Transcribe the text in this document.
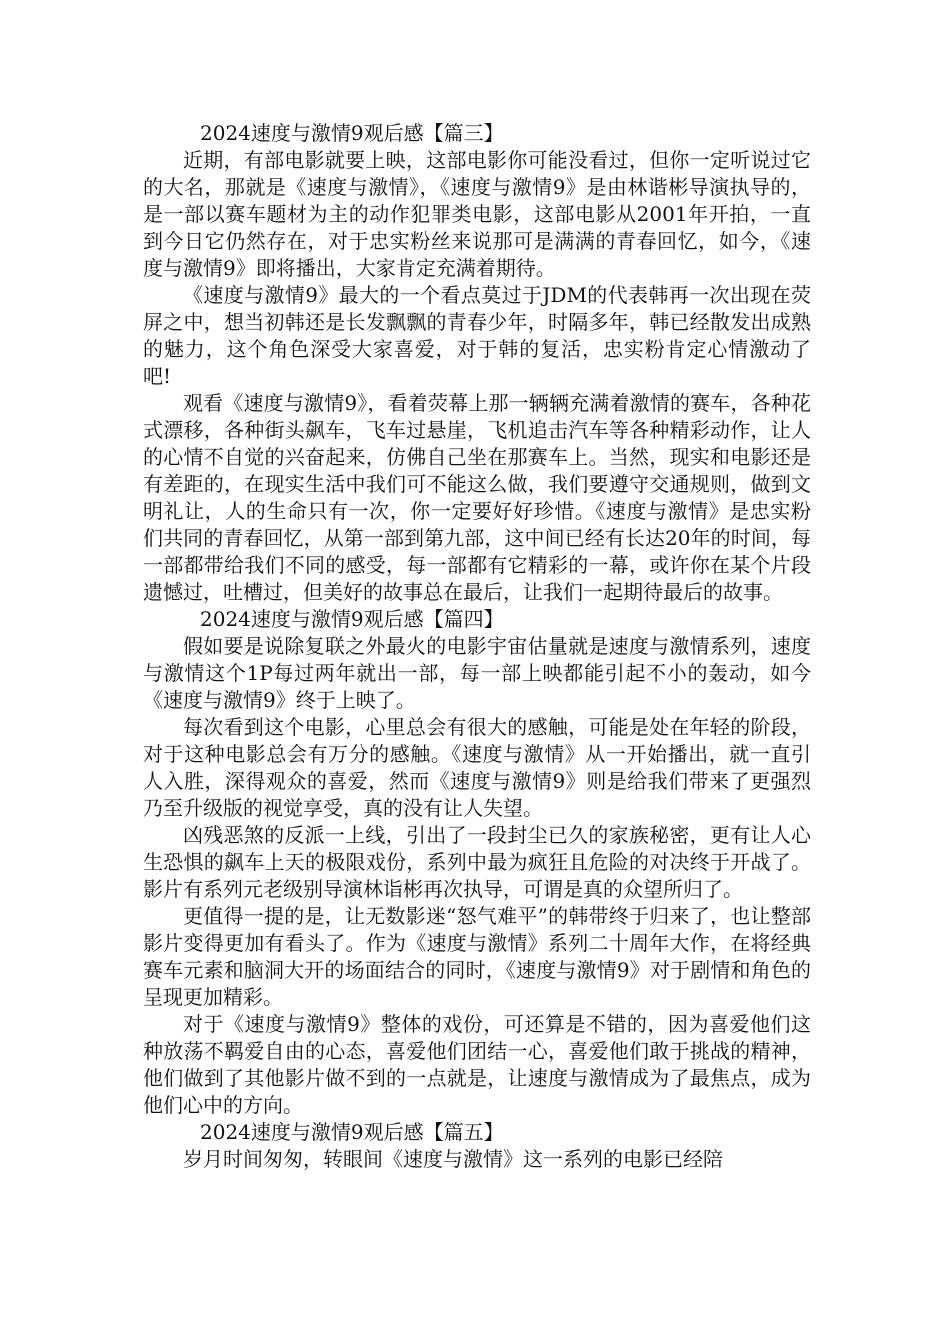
2024速度与激情9观后感【篇三】

近期，有部电影就要上映，这部电影你可能没看过，但你一定听说过它的大名，那就是《速度与激情》，《速度与激情9》是由林谐彬导演执导的，是一部以赛车题材为主的动作犯罪类电影，这部电影从2001年开拍，一直到今日它仍然存在，对于忠实粉丝来说那可是满满的青春回忆，如今，《速度与激情9》即将播出，大家肯定充满着期待。

《速度与激情9》最大的一个看点莫过于JDM的代表韩再一次出现在荧屏之中，想当初韩还是长发飘飘的青春少年，时隔多年，韩已经散发出成熟的魅力，这个角色深受大家喜爱，对于韩的复活，忠实粉肯定心情激动了吧!

观看《速度与激情9》，看着荧幕上那一辆辆充满着激情的赛车，各种花式漂移，各种街头飙车，飞车过悬崖，飞机追击汽车等各种精彩动作，让人的心情不自觉的兴奋起来，仿佛自己坐在那赛车上。当然，现实和电影还是有差距的，在现实生活中我们可不能这么做，我们要遵守交通规则，做到文明礼让，人的生命只有一次，你一定要好好珍惜。《速度与激情》是忠实粉们共同的青春回忆，从第一部到第九部，这中间已经有长达20年的时间，每一部都带给我们不同的感受，每一部都有它精彩的一幕，或许你在某个片段遗憾过，吐槽过，但美好的故事总在最后，让我们一起期待最后的故事。

2024速度与激情9观后感【篇四】

假如要是说除复联之外最火的电影宇宙估量就是速度与激情系列，速度与激情这个1P每过两年就出一部，每一部上映都能引起不小的轰动，如今《速度与激情9》终于上映了。

每次看到这个电影，心里总会有很大的感触，可能是处在年轻的阶段，对于这种电影总会有万分的感触。《速度与激情》从一开始播出，就一直引人入胜，深得观众的喜爱，然而《速度与激情9》则是给我们带来了更强烈乃至升级版的视觉享受，真的没有让人失望。

凶残恶煞的反派一上线，引出了一段封尘已久的家族秘密，更有让人心生恐惧的飙车上天的极限戏份，系列中最为疯狂且危险的对决终于开战了。影片有系列元老级别导演林诣彬再次执导，可谓是真的众望所归了。

更值得一提的是，让无数影迷“怒气难平”的韩带终于归来了，也让整部影片变得更加有看头了。作为《速度与激情》系列二十周年大作，在将经典赛车元素和脑洞大开的场面结合的同时，《速度与激情9》对于剧情和角色的呈现更加精彩。

对于《速度与激情9》整体的戏份，可还算是不错的，因为喜爱他们这种放荡不羁爱自由的心态，喜爱他们团结一心，喜爱他们敢于挑战的精神，他们做到了其他影片做不到的一点就是，让速度与激情成为了最焦点，成为他们心中的方向。

2024速度与激情9观后感【篇五】

岁月时间匆匆，转眼间《速度与激情》这一系列的电影已经陪
